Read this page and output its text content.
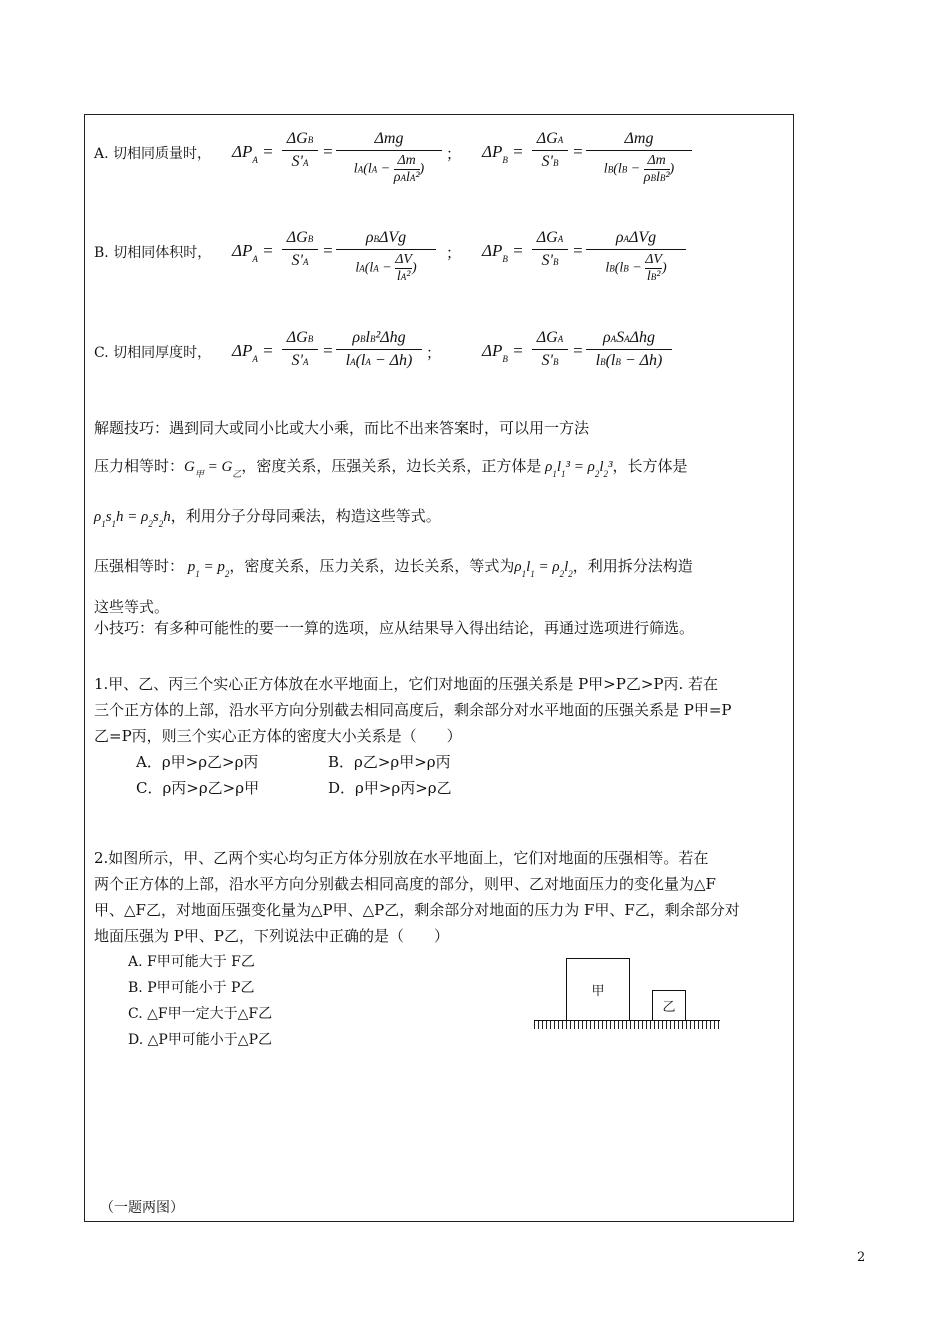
A. 切相同质量时， $\Delta P_A$ =
ΔGB
S'A
=
Δmg
lA(lA −
Δm
ρAlA²
)
； $\Delta P_B$ =
ΔGA
S'B
=
Δmg
lB(lB −
Δm
ρBlB²
)
B. 切相同体积时， $\Delta P_A$ =
ΔGB
S'A
=
ρBΔVg
$lA(lA - \frac{\Delta V}{\text{lA²}}$ )
； $\Delta P_B$ =
ΔGA
S'B
=
ρAΔVg
$lB(lB - \frac{\Delta V}{\text{lB²}}$ )
C. 切相同厚度时， $\Delta P_A$ =
ΔGB
S'A
=
ρBlB²Δhg
lA(lA − Δh) ； $\Delta P_B$ =
ΔGA
S'B
=
ρASAΔhg
lB(lB − Δh)
解题技巧：遇到同大或同小比或大小乘，而比不出来答案时，可以用一方法
压力相等时：$G_甲 = G_乙$，密度关系，压强关系，边长关系，正方体是 $\rho_1l_1^3 = \rho_2l_2^3$，长方体是
$\rho_1s_1h = \rho_2s_2h$，利用分子分母同乘法，构造这些等式。
压强相等时： $p_1 = p_2$，密度关系，压力关系，边长关系，等式为$\rho_1l_1 = \rho_2l_2$，利用拆分法构造
这些等式。
小技巧：有多种可能性的要一一算的选项，应从结果导入得出结论，再通过选项进行筛选。
1.甲、乙、丙三个实心正方体放在水平地面上，它们对地面的压强关系是 P甲>P乙>P丙. 若在
三个正方体的上部，沿水平方向分别截去相同高度后，剩余部分对水平地面的压强关系是 P甲=P
乙=P丙，则三个实心正方体的密度大小关系是（　　）
A．ρ甲>ρ乙>ρ丙	B．ρ乙>ρ甲>ρ丙
C．ρ丙>ρ乙>ρ甲	D．ρ甲>ρ丙>ρ乙
2.如图所示，甲、乙两个实心均匀正方体分别放在水平地面上，它们对地面的压强相等。若在
两个正方体的上部，沿水平方向分别截去相同高度的部分，则甲、乙对地面压力的变化量为△F
甲、△F乙，对地面压强变化量为△P甲、△P乙，剩余部分对地面的压力为 F甲、F乙，剩余部分对
地面压强为 P甲、P乙，下列说法中正确的是（　　）
A. F甲可能大于 F乙
B. P甲可能小于 P乙
C. △F甲一定大于△F乙
D. △P甲可能小于△P乙
甲
乙
（一题两图）
2
